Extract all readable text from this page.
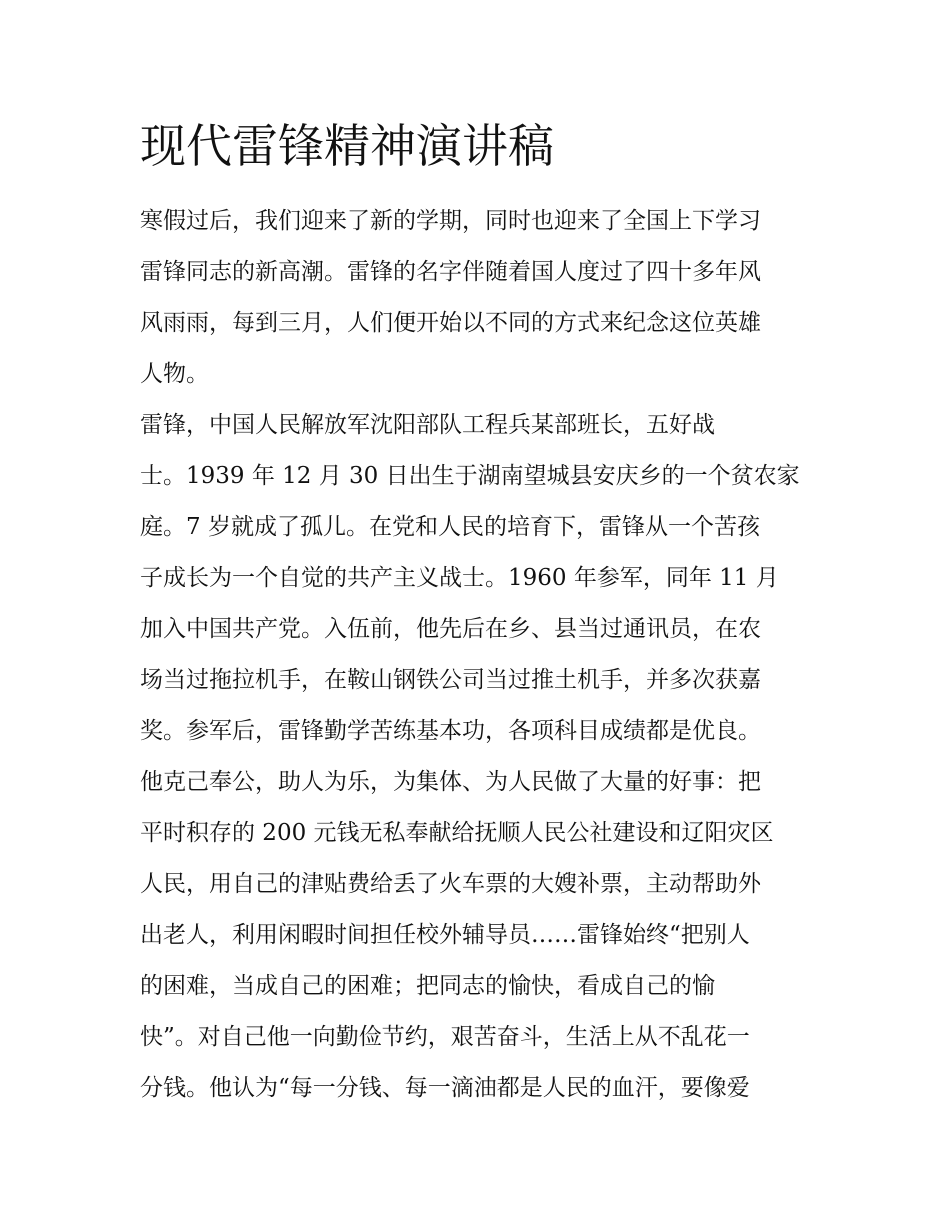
现代雷锋精神演讲稿
寒假过后，我们迎来了新的学期，同时也迎来了全国上下学习
雷锋同志的新高潮。雷锋的名字伴随着国人度过了四十多年风
风雨雨，每到三月，人们便开始以不同的方式来纪念这位英雄
人物。
雷锋，中国人民解放军沈阳部队工程兵某部班长，五好战
士。1939 年 12 月 30 日出生于湖南望城县安庆乡的一个贫农家
庭。7 岁就成了孤儿。在党和人民的培育下，雷锋从一个苦孩
子成长为一个自觉的共产主义战士。1960 年参军，同年 11 月
加入中国共产党。入伍前，他先后在乡、县当过通讯员，在农
场当过拖拉机手，在鞍山钢铁公司当过推土机手，并多次获嘉
奖。参军后，雷锋勤学苦练基本功，各项科目成绩都是优良。
他克己奉公，助人为乐，为集体、为人民做了大量的好事：把
平时积存的 200 元钱无私奉献给抚顺人民公社建设和辽阳灾区
人民，用自己的津贴费给丢了火车票的大嫂补票，主动帮助外
出老人，利用闲暇时间担任校外辅导员……雷锋始终“把别人
的困难，当成自己的困难；把同志的愉快，看成自己的愉
快”。对自己他一向勤俭节约，艰苦奋斗，生活上从不乱花一
分钱。他认为“每一分钱、每一滴油都是人民的血汗，要像爱
